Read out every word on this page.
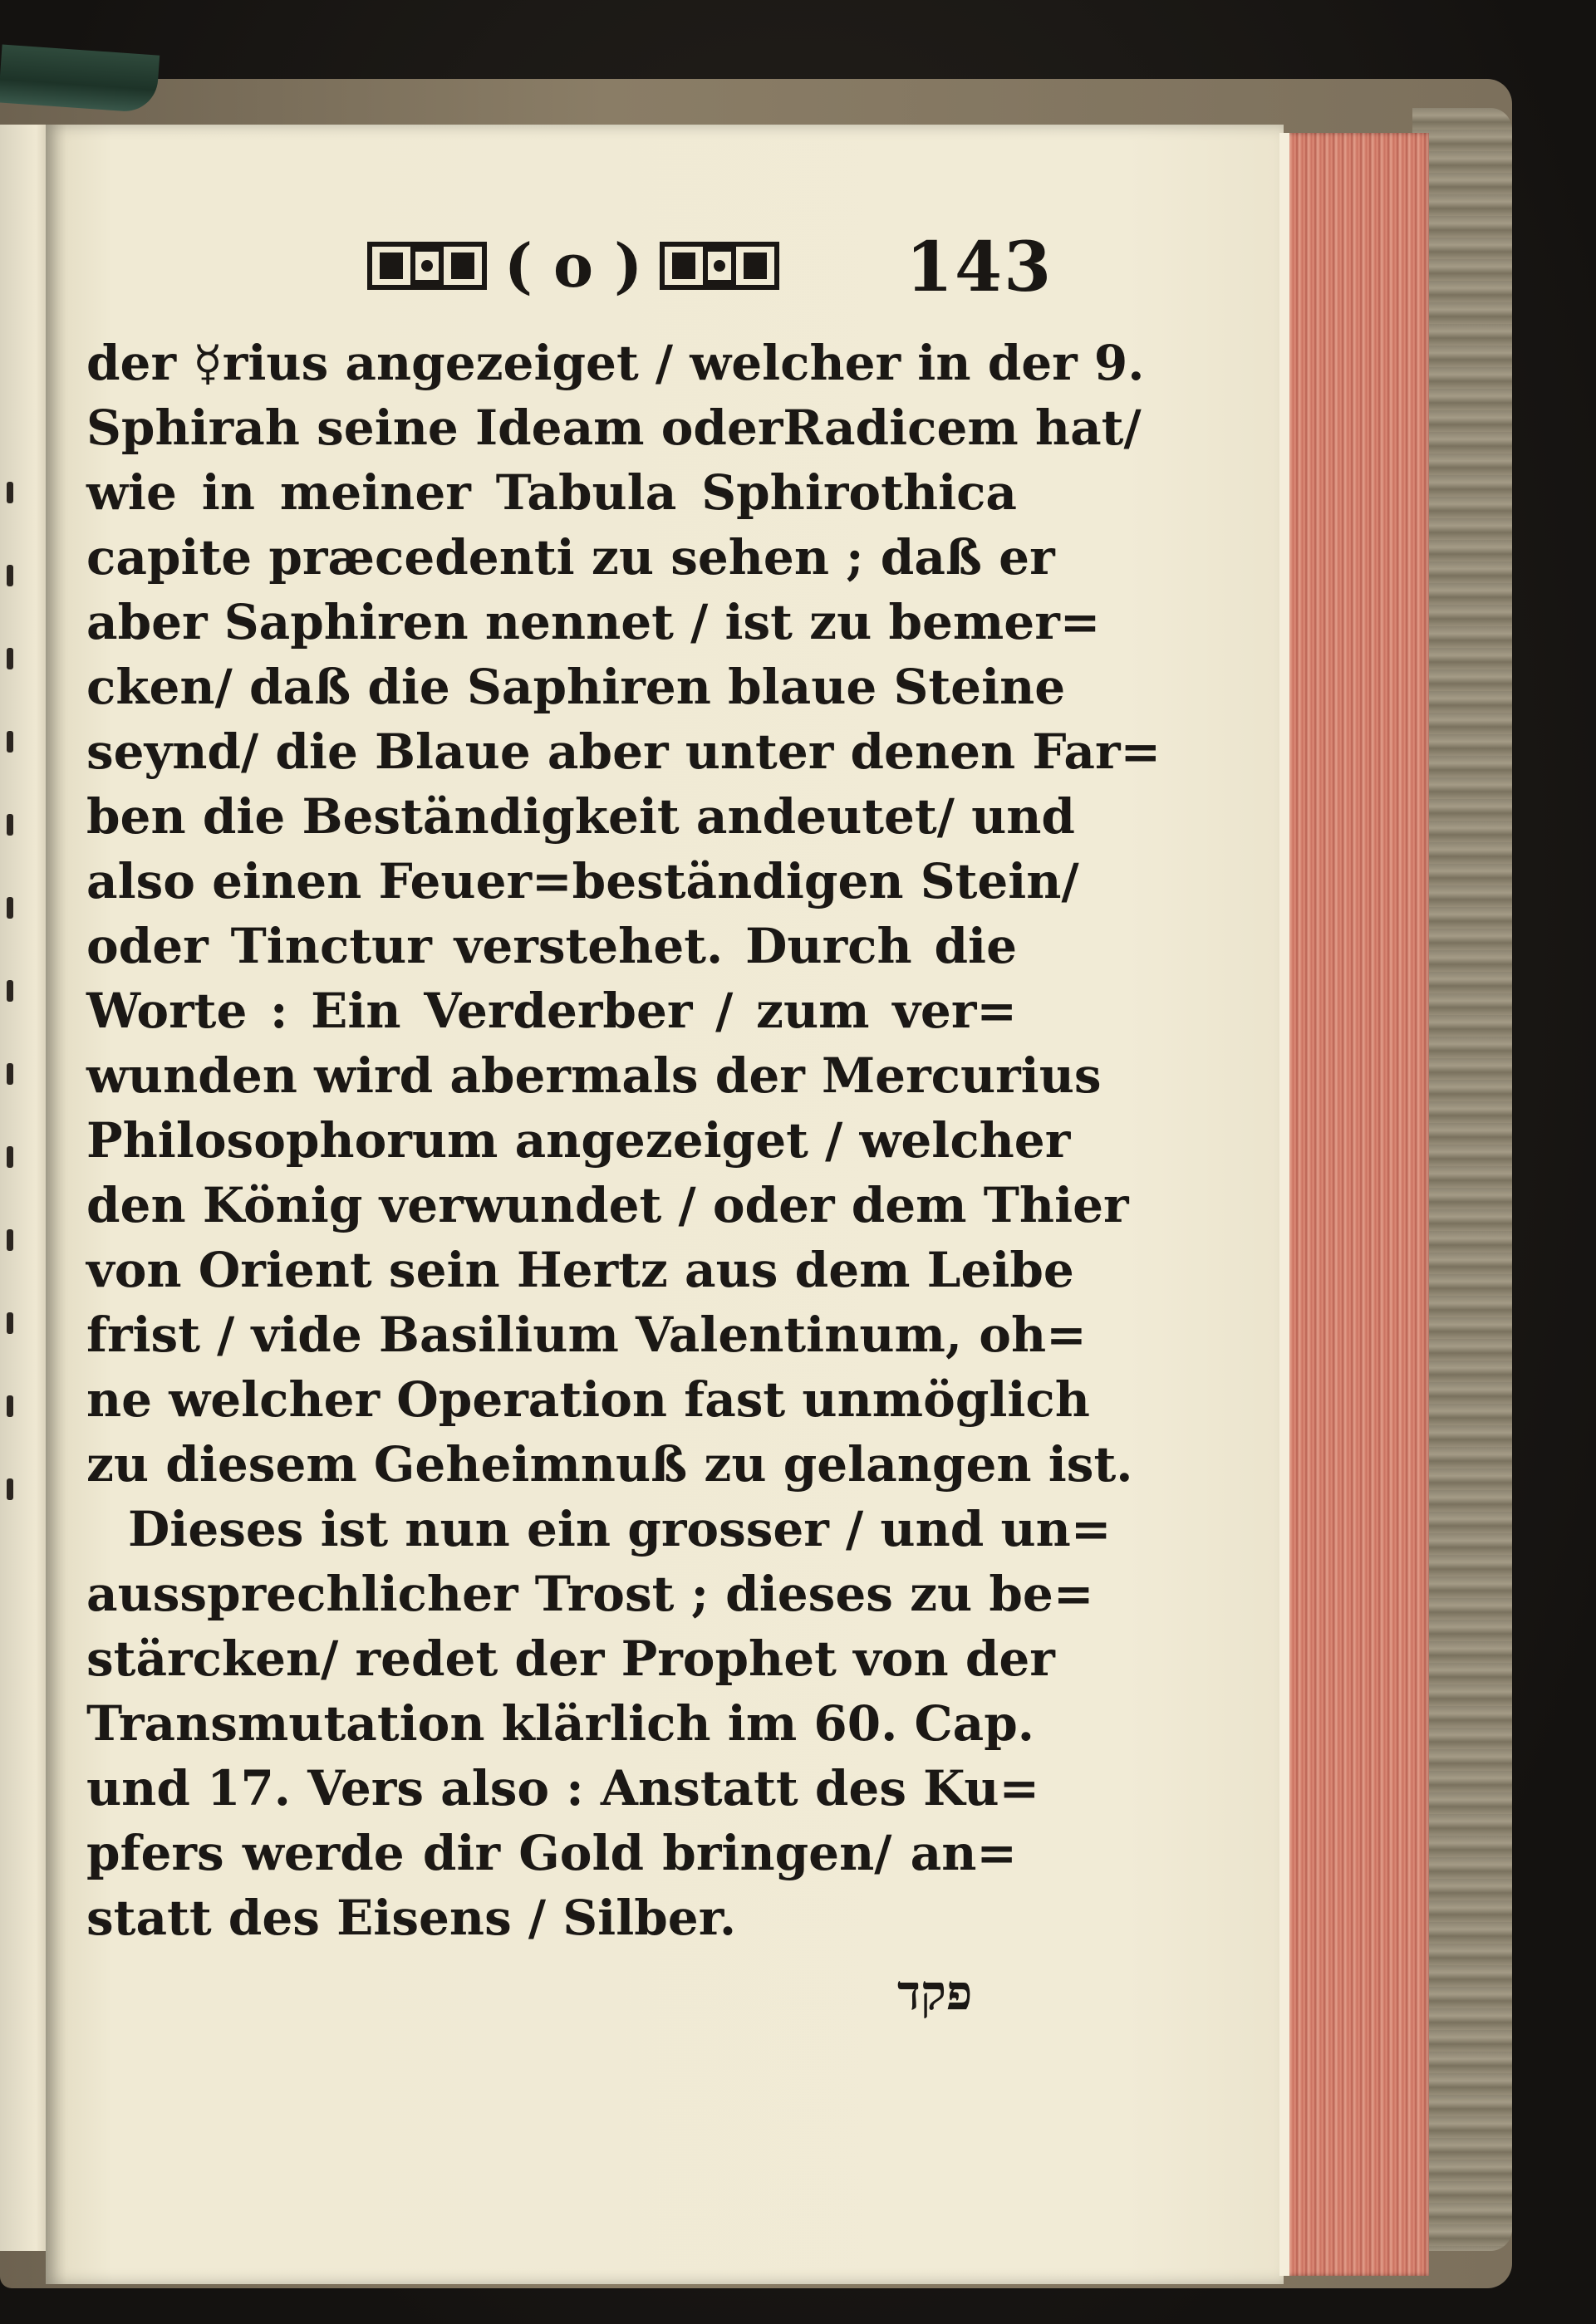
( o )	143
der ☿rius angezeiget / welcher in der 9.
Sphirah seine Ideam oderRadicem hat/
wie in meiner Tabula Sphirothica
capite præcedenti zu sehen ; daß er
aber Saphiren nennet / ist zu bemer=
cken/ daß die Saphiren blaue Steine
seynd/ die Blaue aber unter denen Far=
ben die Beständigkeit andeutet/ und
also einen Feuer=beständigen Stein/
oder Tinctur verstehet. Durch die
Worte : Ein Verderber / zum ver=
wunden wird abermals der Mercurius
Philosophorum angezeiget / welcher
den König verwundet / oder dem Thier
von Orient sein Hertz aus dem Leibe
frist / vide Basilium Valentinum, oh=
ne welcher Operation fast unmöglich
zu diesem Geheimnuß zu gelangen ist.
Dieses ist nun ein grosser / und un=
aussprechlicher Trost ; dieses zu be=
stärcken/ redet der Prophet von der
Transmutation klärlich im 60. Cap.
und 17. Vers also : Anstatt des Ku=
pfers werde dir Gold bringen/ an=
statt des Eisens / Silber.
פקד
